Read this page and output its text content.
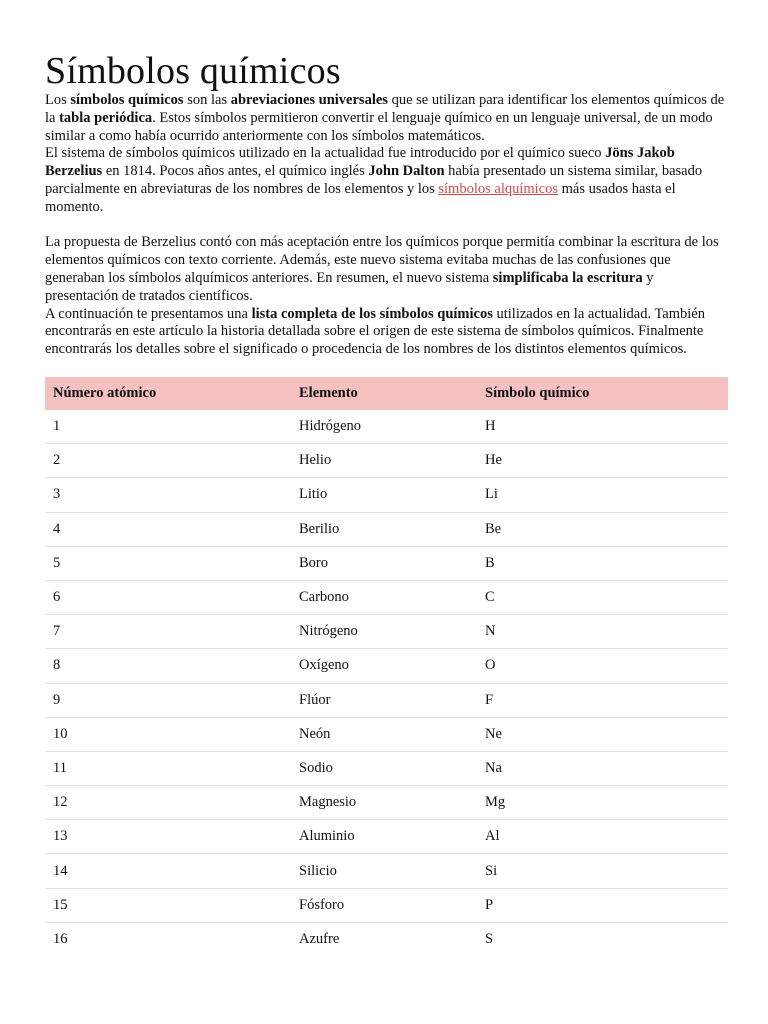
Símbolos químicos

Los símbolos químicos son las abreviaciones universales que se utilizan para identificar los elementos químicos de la tabla periódica. Estos símbolos permitieron convertir el lenguaje químico en un lenguaje universal, de un modo similar a como había ocurrido anteriormente con los símbolos matemáticos.

El sistema de símbolos químicos utilizado en la actualidad fue introducido por el químico sueco Jöns Jakob Berzelius en 1814. Pocos años antes, el químico inglés John Dalton había presentado un sistema similar, basado parcialmente en abreviaturas de los nombres de los elementos y los símbolos alquímicos más usados hasta el momento.

La propuesta de Berzelius contó con más aceptación entre los químicos porque permitía combinar la escritura de los elementos químicos con texto corriente. Además, este nuevo sistema evitaba muchas de las confusiones que generaban los símbolos alquímicos anteriores. En resumen, el nuevo sistema simplificaba la escritura y presentación de tratados científicos.

A continuación te presentamos una lista completa de los símbolos químicos utilizados en la actualidad. También encontrarás en este artículo la historia detallada sobre el origen de este sistema de símbolos químicos. Finalmente encontrarás los detalles sobre el significado o procedencia de los nombres de los distintos elementos químicos.

Número atómico	Elemento	Símbolo químico
1	Hidrógeno	H
2	Helio	He
3	Litio	Li
4	Berilio	Be
5	Boro	B
6	Carbono	C
7	Nitrógeno	N
8	Oxígeno	O
9	Flúor	F
10	Neón	Ne
11	Sodio	Na
12	Magnesio	Mg
13	Aluminio	Al
14	Silicio	Si
15	Fósforo	P
16	Azufre	S
